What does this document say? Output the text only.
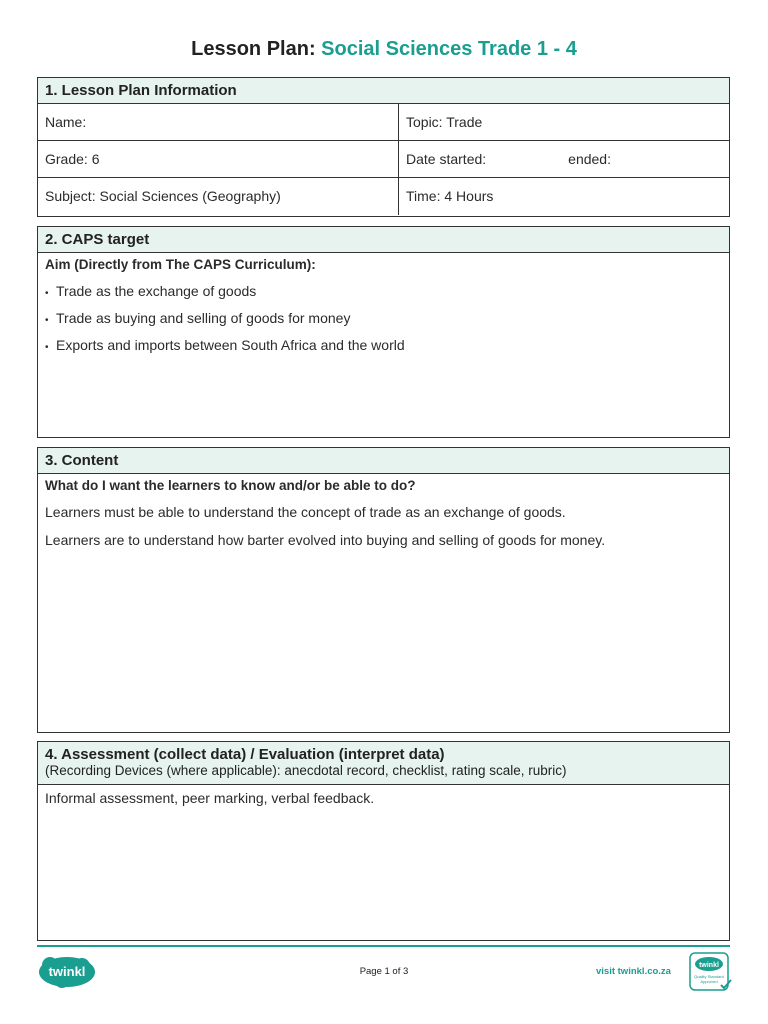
Lesson Plan: Social Sciences Trade 1 - 4
1. Lesson Plan Information
Name:	Topic: Trade
Grade: 6	Date started:	ended:
Subject: Social Sciences (Geography)	Time: 4 Hours
2. CAPS target
Aim (Directly from The CAPS Curriculum):
• Trade as the exchange of goods
• Trade as buying and selling of goods for money
• Exports and imports between South Africa and the world
3. Content
What do I want the learners to know and/or be able to do?
Learners must be able to understand the concept of trade as an exchange of goods.
Learners are to understand how barter evolved into buying and selling of goods for money.
4. Assessment (collect data) / Evaluation (interpret data)
(Recording Devices (where applicable): anecdotal record, checklist, rating scale, rubric)
Informal assessment, peer marking, verbal feedback.
twinkl	Page 1 of 3	visit twinkl.co.za
twinkl
Quality Standard
Approved
